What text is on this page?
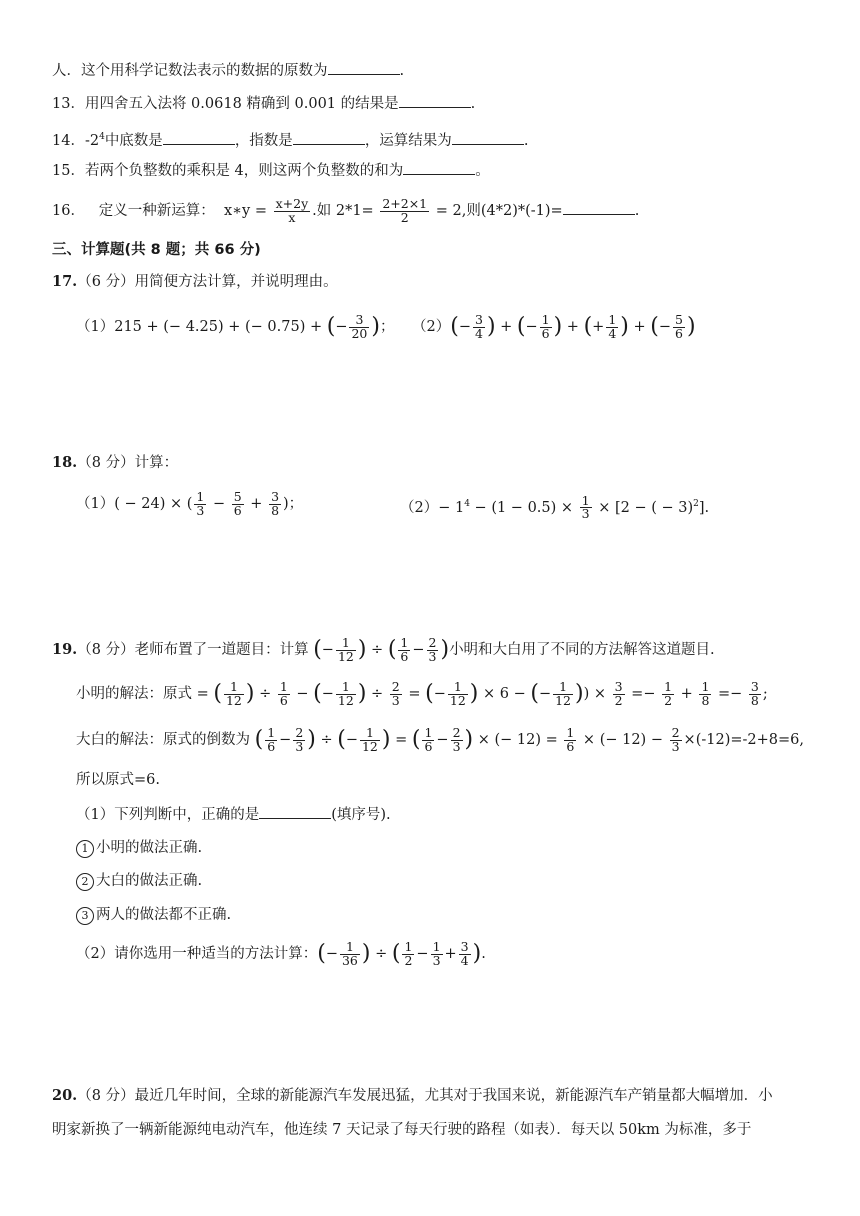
人．这个用科学记数法表示的数据的原数为	.
13．用四舍五入法将 0.0618 精确到 0.001 的结果是	.
14．$-2^4$中底数是	，指数是	，运算结果为	.
15．若两个负整数的乘积是 4，则这两个负整数的和为	。
16． 定义一种新运算： x∗y = $\frac{x+2y}{x}$ .如 $2*1= \frac{2+2\times 1}{2} = 2$,则(4*2)*(-1)=	.
三、计算题(共 8 题；共 66 分)
17.（6 分）用简便方法计算，并说明理由。
（1）215 + (− 4.25) + (− 0.75) + (− $\frac{3}{20}$ )；	$(2)(- \frac{3}{4}$ ) + (− $\frac{1}{6}$ ) + (+ $\frac{1}{4}$ ) + (− $\frac{5}{6}$ )
18.（8 分）计算：
（1）( − 24) × ( $\frac{1}{3} - \frac{5}{6} + \frac{3}{8}$ )；	$(2)- 1^4 - (1 - 0.5) \times \frac{1}{3} \times [2$ − ( − 3)$^2$].
19.（8 分）老师布置了一道题目：计算 (− $\frac{1}{12}$ ) ÷ ( $\frac{1}{6} - \frac{2}{3}$ )小明和大白用了不同的方法解答这道题目.
小明的解法：原式 = ( $\frac{1}{12}$ ) ÷ $\frac{1}{6}$ − (− $\frac{1}{12}$ ) ÷ $\frac{2}{3}$ = (− $\frac{1}{12}$ ) × 6 − (− $\frac{1}{12}$ )) × $\frac{3}{2} =- \frac{1}{2} + \frac{1}{8} =- \frac{3}{8}$ ;
大白的解法：原式的倒数为 ( $\frac{1}{6} - \frac{2}{3}$ ) ÷ (− $\frac{1}{12}$ ) = ( $\frac{1}{6} - \frac{2}{3}$ ) × (− $12) = \frac{1}{6}$ × (− $12) - \frac{2}{3} \times(-12)=-2+8=6$,
所以原式=6.
（1）下列判断中，正确的是	(填序号).
1 小明的做法正确.
2 大白的做法正确.
3 两人的做法都不正确.
（2）请你选用一种适当的方法计算：(− $\frac{1}{36}$ ) ÷ ( $\frac{1}{2} - \frac{1}{3} + \frac{3}{4}$ ).
20.（8 分）最近几年时间，全球的新能源汽车发展迅猛，尤其对于我国来说，新能源汽车产销量都大幅增加．小
明家新换了一辆新能源纯电动汽车，他连续 7 天记录了每天行驶的路程（如表）．每天以 50km 为标准，多于
